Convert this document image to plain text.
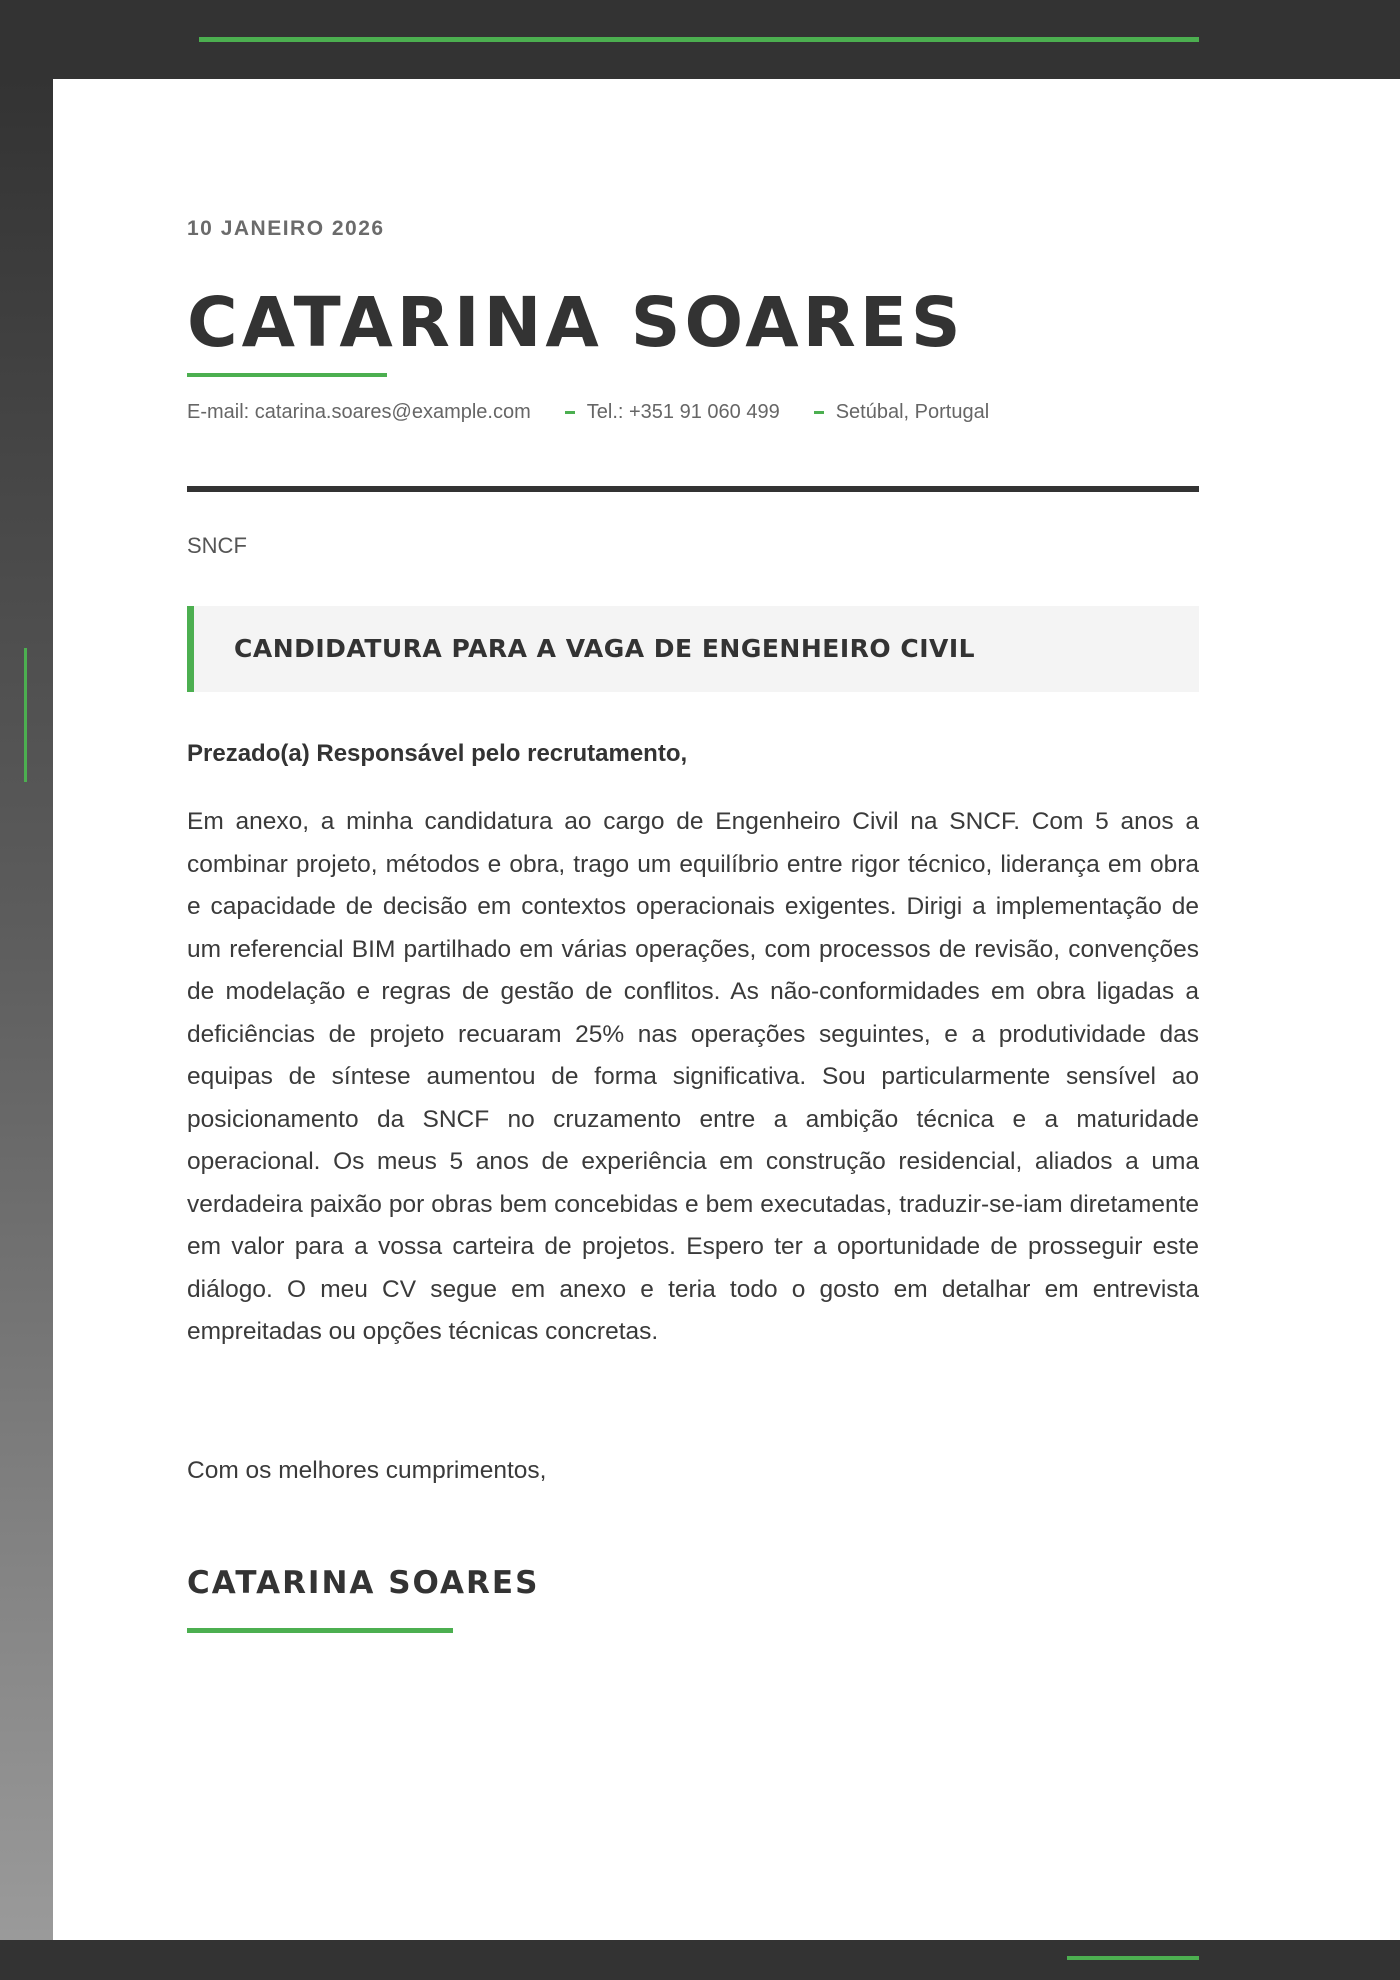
10 JANEIRO 2026
CATARINA SOARES
E-mail: catarina.soares@example.com	Tel.: +351 91 060 499	Setúbal, Portugal
SNCF
CANDIDATURA PARA A VAGA DE ENGENHEIRO CIVIL
Prezado(a) Responsável pelo recrutamento,

Em anexo, a minha candidatura ao cargo de Engenheiro Civil na SNCF. Com 5 anos a combinar projeto, métodos e obra, trago um equilíbrio entre rigor técnico, liderança em obra e capacidade de decisão em contextos operacionais exigentes. Dirigi a implementação de um referencial BIM partilhado em várias operações, com processos de revisão, convenções de modelação e regras de gestão de conflitos. As não-conformidades em obra ligadas a deficiências de projeto recuaram 25% nas operações seguintes, e a produtividade das equipas de síntese aumentou de forma significativa. Sou particularmente sensível ao posicionamento da SNCF no cruzamento entre a ambição técnica e a maturidade operacional. Os meus 5 anos de experiência em construção residencial, aliados a uma verdadeira paixão por obras bem concebidas e bem executadas, traduzir-se-iam diretamente em valor para a vossa carteira de projetos. Espero ter a oportunidade de prosseguir este diálogo. O meu CV segue em anexo e teria todo o gosto em detalhar em entrevista empreitadas ou opções técnicas concretas.

Com os melhores cumprimentos,
CATARINA SOARES
